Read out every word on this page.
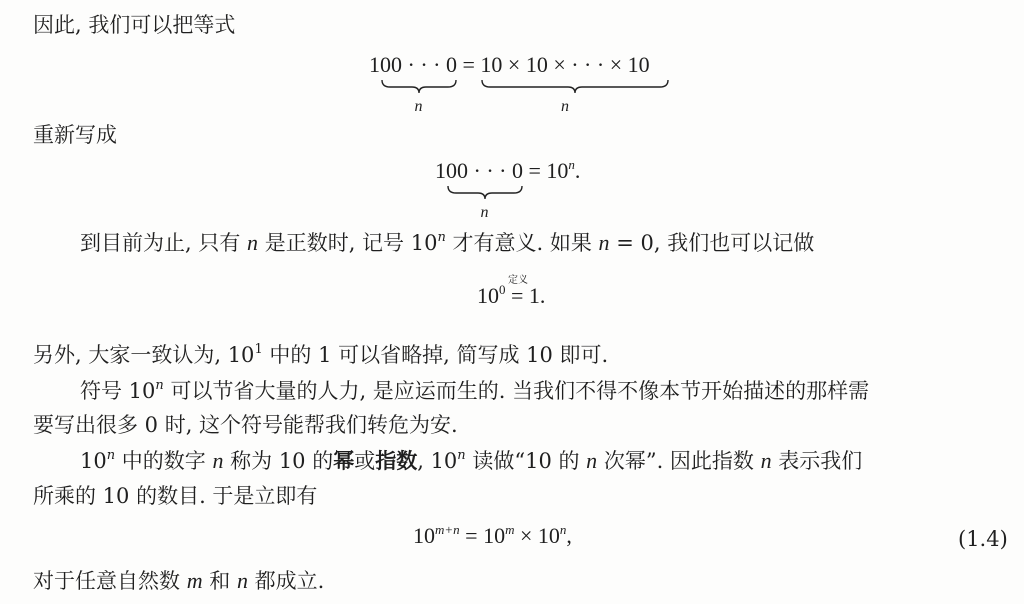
因此, 我们可以把等式
100 · · · 0
n
= 10 × 10 × · · · × 10
n
重新写成
100 · · · 0
n
= $10^n$.
到目前为止, 只有 n 是正数时, 记号 10$^n$ 才有意义. 如果 n = 0, 我们也可以记做
$10^0$
定义
= 1.
另外, 大家一致认为, $10^1$ 中的 1 可以省略掉, 简写成 10 即可.
符号 10$^n$ 可以节省大量的人力, 是应运而生的. 当我们不得不像本节开始描述的那样需
要写出很多 0 时, 这个符号能帮我们转危为安.
10$^n$ 中的数字 n 称为 10 的幂或指数, 10$^n$ 读做“10 的 n 次幂”. 因此指数 n 表示我们
所乘的 10 的数目. 于是立即有
$10^{m+n} = 10^m \times 10^n$,	(1.4)
对于任意自然数 m 和 n 都成立.
